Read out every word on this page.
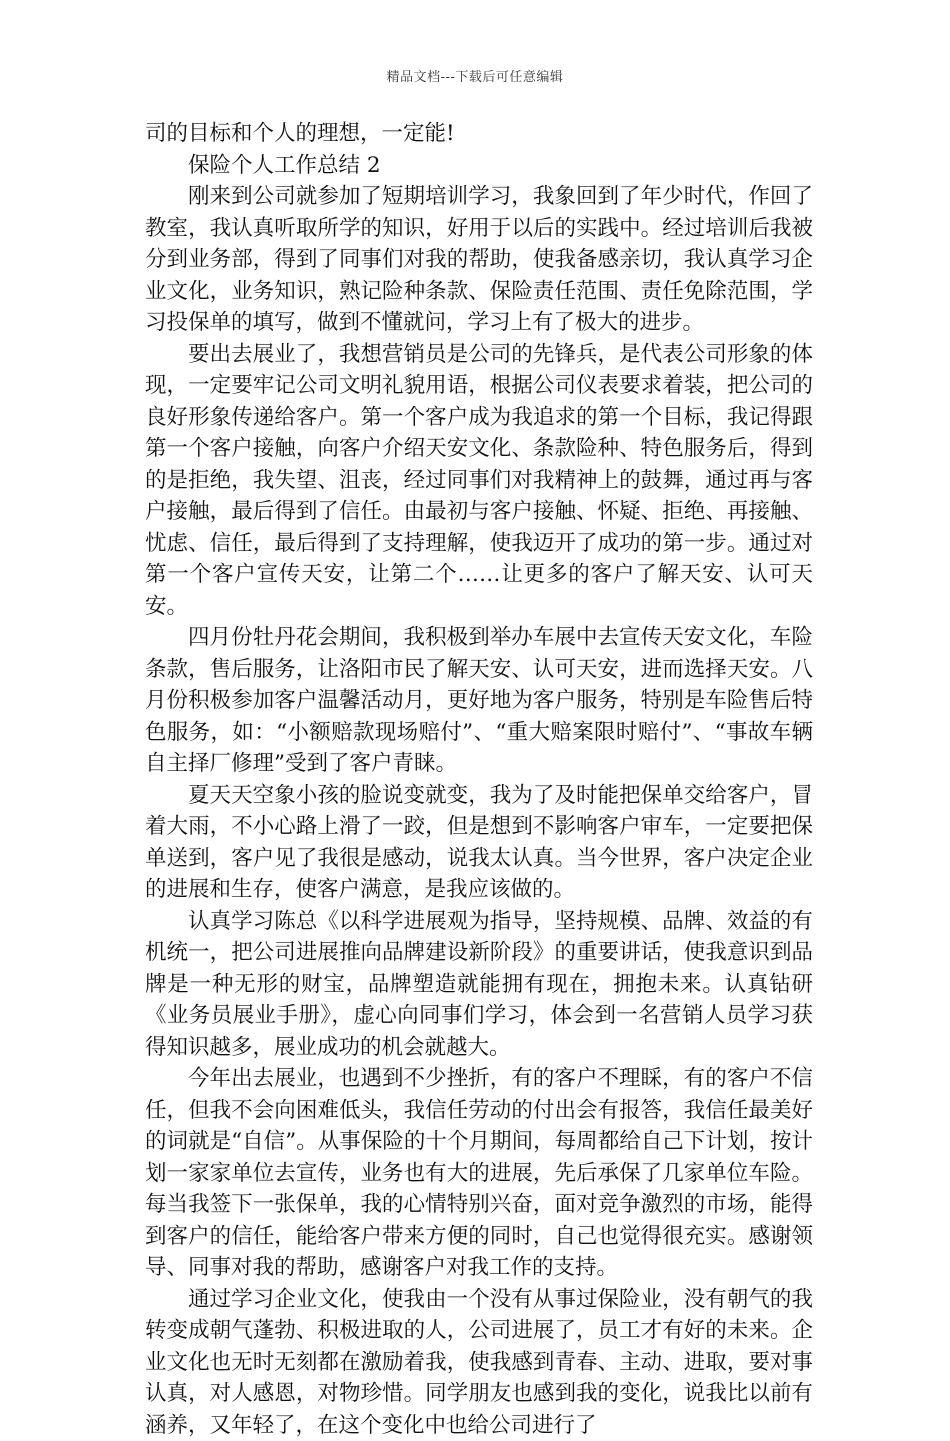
精品文档---下载后可任意编辑

司的目标和个人的理想，一定能!

保险个人工作总结 2

刚来到公司就参加了短期培训学习，我象回到了年少时代，作回了教室，我认真听取所学的知识，好用于以后的实践中。经过培训后我被分到业务部，得到了同事们对我的帮助，使我备感亲切，我认真学习企业文化，业务知识，熟记险种条款、保险责任范围、责任免除范围，学习投保单的填写，做到不懂就问，学习上有了极大的进步。

要出去展业了，我想营销员是公司的先锋兵，是代表公司形象的体现，一定要牢记公司文明礼貌用语，根据公司仪表要求着装，把公司的良好形象传递给客户。第一个客户成为我追求的第一个目标，我记得跟第一个客户接触，向客户介绍天安文化、条款险种、特色服务后，得到的是拒绝，我失望、沮丧，经过同事们对我精神上的鼓舞，通过再与客户接触，最后得到了信任。由最初与客户接触、怀疑、拒绝、再接触、忧虑、信任，最后得到了支持理解，使我迈开了成功的第一步。通过对第一个客户宣传天安，让第二个……让更多的客户了解天安、认可天安。

四月份牡丹花会期间，我积极到举办车展中去宣传天安文化，车险条款，售后服务，让洛阳市民了解天安、认可天安，进而选择天安。八月份积极参加客户温馨活动月，更好地为客户服务，特别是车险售后特色服务，如：“小额赔款现场赔付”、“重大赔案限时赔付”、“事故车辆自主择厂修理”受到了客户青睐。

夏天天空象小孩的脸说变就变，我为了及时能把保单交给客户，冒着大雨，不小心路上滑了一跤，但是想到不影响客户审车，一定要把保单送到，客户见了我很是感动，说我太认真。当今世界，客户决定企业的进展和生存，使客户满意，是我应该做的。

认真学习陈总《以科学进展观为指导，坚持规模、品牌、效益的有机统一，把公司进展推向品牌建设新阶段》的重要讲话，使我意识到品牌是一种无形的财宝，品牌塑造就能拥有现在，拥抱未来。认真钻研《业务员展业手册》，虚心向同事们学习，体会到一名营销人员学习获得知识越多，展业成功的机会就越大。

今年出去展业，也遇到不少挫折，有的客户不理睬，有的客户不信任，但我不会向困难低头，我信任劳动的付出会有报答，我信任最美好的词就是“自信”。从事保险的十个月期间，每周都给自己下计划，按计划一家家单位去宣传，业务也有大的进展，先后承保了几家单位车险。每当我签下一张保单，我的心情特别兴奋，面对竞争激烈的市场，能得到客户的信任，能给客户带来方便的同时，自己也觉得很充实。感谢领导、同事对我的帮助，感谢客户对我工作的支持。

通过学习企业文化，使我由一个没有从事过保险业，没有朝气的我转变成朝气蓬勃、积极进取的人，公司进展了，员工才有好的未来。企业文化也无时无刻都在激励着我，使我感到青春、主动、进取，要对事认真，对人感恩，对物珍惜。同学朋友也感到我的变化，说我比以前有涵养，又年轻了，在这个变化中也给公司进行了
